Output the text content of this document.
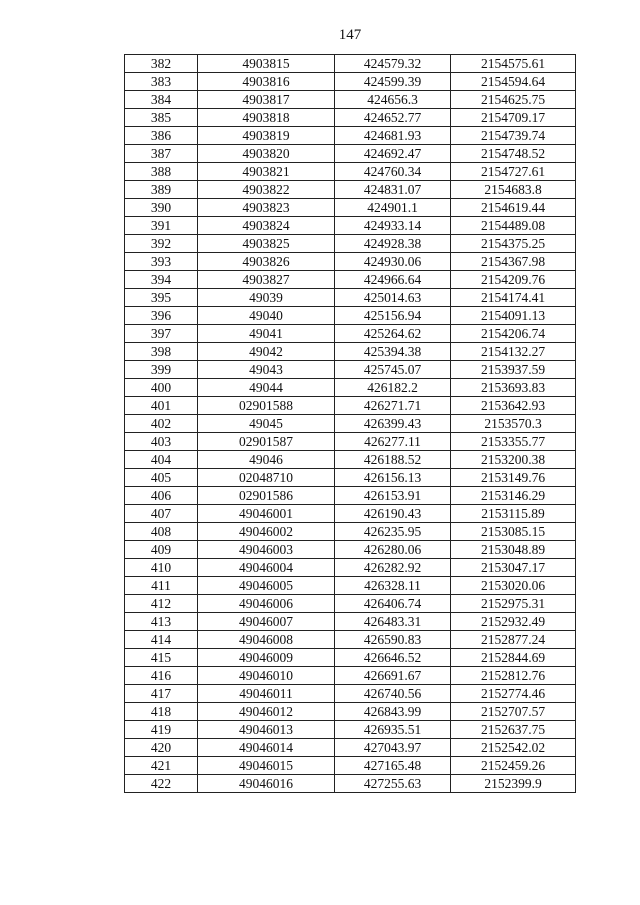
147
382	4903815	424579.32	2154575.61
383	4903816	424599.39	2154594.64
384	4903817	424656.3	2154625.75
385	4903818	424652.77	2154709.17
386	4903819	424681.93	2154739.74
387	4903820	424692.47	2154748.52
388	4903821	424760.34	2154727.61
389	4903822	424831.07	2154683.8
390	4903823	424901.1	2154619.44
391	4903824	424933.14	2154489.08
392	4903825	424928.38	2154375.25
393	4903826	424930.06	2154367.98
394	4903827	424966.64	2154209.76
395	49039	425014.63	2154174.41
396	49040	425156.94	2154091.13
397	49041	425264.62	2154206.74
398	49042	425394.38	2154132.27
399	49043	425745.07	2153937.59
400	49044	426182.2	2153693.83
401	02901588	426271.71	2153642.93
402	49045	426399.43	2153570.3
403	02901587	426277.11	2153355.77
404	49046	426188.52	2153200.38
405	02048710	426156.13	2153149.76
406	02901586	426153.91	2153146.29
407	49046001	426190.43	2153115.89
408	49046002	426235.95	2153085.15
409	49046003	426280.06	2153048.89
410	49046004	426282.92	2153047.17
411	49046005	426328.11	2153020.06
412	49046006	426406.74	2152975.31
413	49046007	426483.31	2152932.49
414	49046008	426590.83	2152877.24
415	49046009	426646.52	2152844.69
416	49046010	426691.67	2152812.76
417	49046011	426740.56	2152774.46
418	49046012	426843.99	2152707.57
419	49046013	426935.51	2152637.75
420	49046014	427043.97	2152542.02
421	49046015	427165.48	2152459.26
422	49046016	427255.63	2152399.9
